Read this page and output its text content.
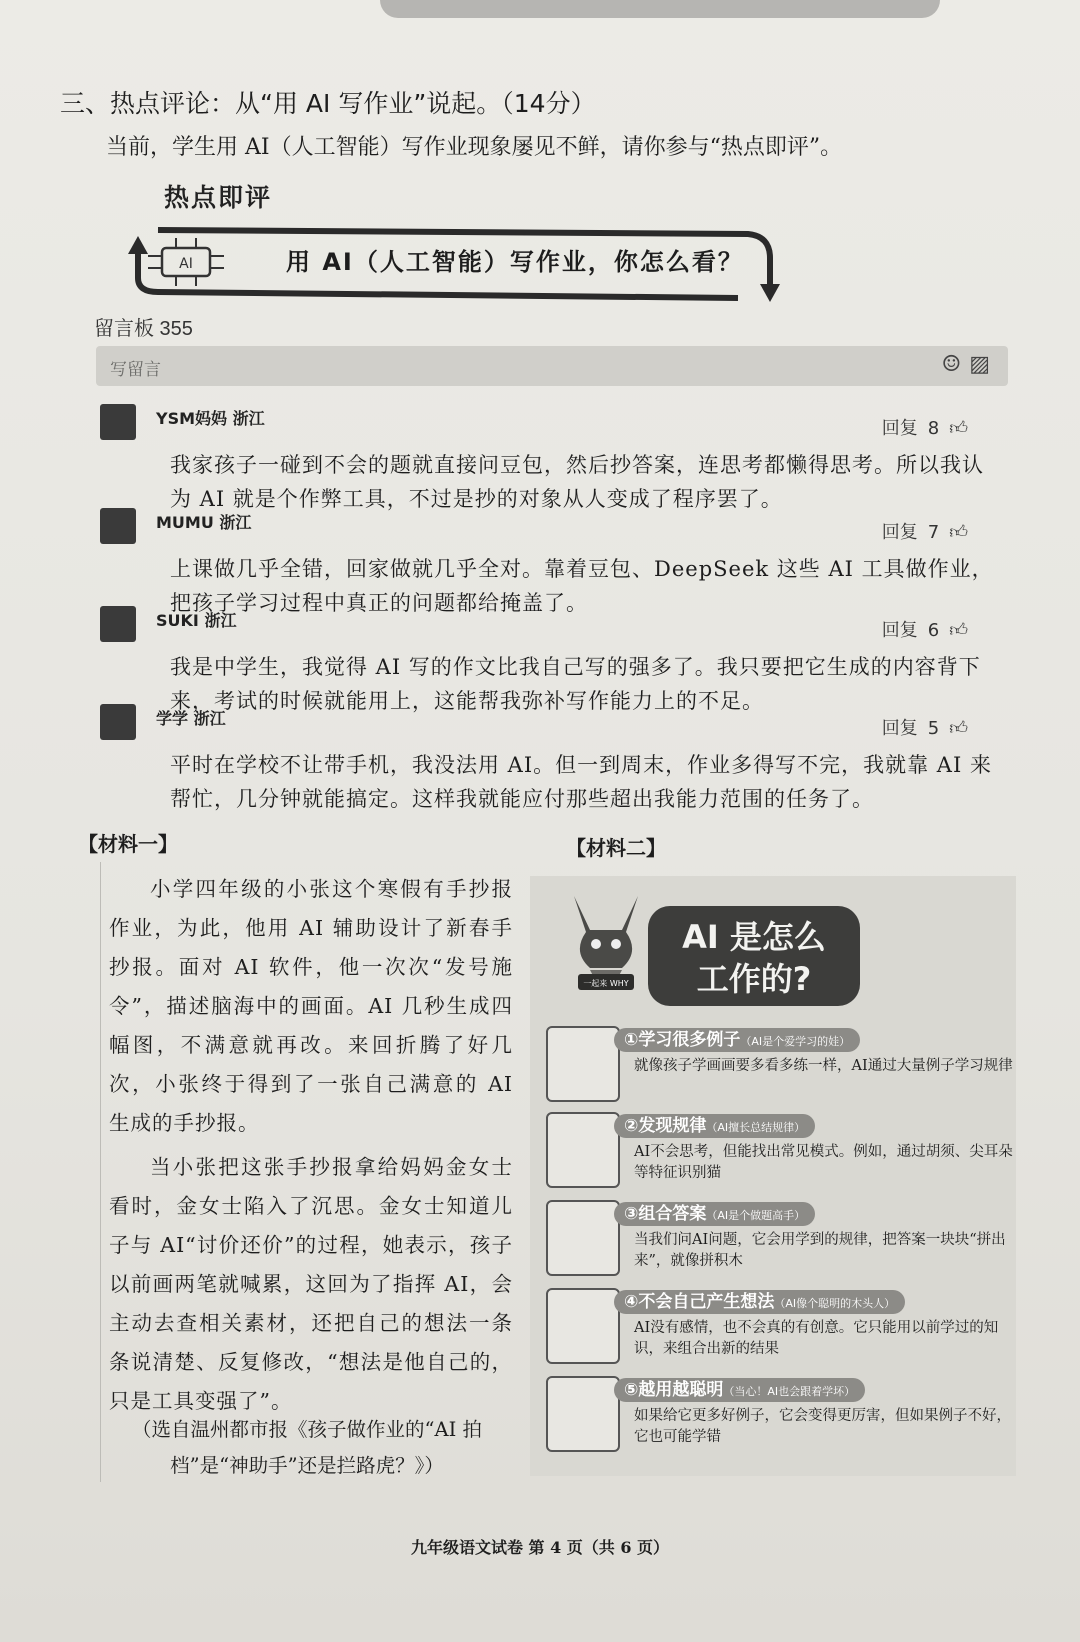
三、热点评论：从“用 AI 写作业”说起。（14分）
当前，学生用 AI（人工智能）写作业现象屡见不鲜，请你参与“热点即评”。
热点即评
AI	用 AI（人工智能）写作业，你怎么看？
留言板 355
写留言	☺▨
YSM妈妈 浙江	回复 8 👍︎
我家孩子一碰到不会的题就直接问豆包，然后抄答案，连思考都懒得思考。所以我认为 AI 就是个作弊工具，不过是抄的对象从人变成了程序罢了。
MUMU 浙江	回复 7 👍︎
上课做几乎全错，回家做就几乎全对。靠着豆包、DeepSeek 这些 AI 工具做作业，把孩子学习过程中真正的问题都给掩盖了。
SUKI 浙江	回复 6 👍︎
我是中学生，我觉得 AI 写的作文比我自己写的强多了。我只要把它生成的内容背下来，考试的时候就能用上，这能帮我弥补写作能力上的不足。
学学 浙江	回复 5 👍︎
平时在学校不让带手机，我没法用 AI。但一到周末，作业多得写不完，我就靠 AI 来帮忙，几分钟就能搞定。这样我就能应付那些超出我能力范围的任务了。
【材料一】	【材料二】
小学四年级的小张这个寒假有手抄报作业，为此，他用 AI 辅助设计了新春手抄报。面对 AI 软件，他一次次“发号施令”，描述脑海中的画面。AI 几秒生成四幅图，不满意就再改。来回折腾了好几次，小张终于得到了一张自己满意的 AI 生成的手抄报。
当小张把这张手抄报拿给妈妈金女士看时，金女士陷入了沉思。金女士知道儿子与 AI“讨价还价”的过程，她表示，孩子以前画两笔就喊累，这回为了指挥 AI，会主动去查相关素材，还把自己的想法一条条说清楚、反复修改，“想法是他自己的，只是工具变强了”。
（选自温州都市报《孩子做作业的“AI 拍档”是“神助手”还是拦路虎？》）
一起来 WHY
AI 是怎么
工作的?
①学习很多例子（AI是个爱学习的娃）
就像孩子学画画要多看多练一样，AI通过大量例子学习规律
②发现规律（AI擅长总结规律）
AI不会思考，但能找出常见模式。例如，通过胡须、尖耳朵等特征识别猫
③组合答案（AI是个做题高手）
当我们问AI问题，它会用学到的规律，把答案一块块“拼出来”，就像拼积木
④不会自己产生想法（AI像个聪明的木头人）
AI没有感情，也不会真的有创意。它只能用以前学过的知识，来组合出新的结果
⑤越用越聪明（当心！AI也会跟着学坏）
如果给它更多好例子，它会变得更厉害，但如果例子不好，它也可能学错
九年级语文试卷 第 4 页（共 6 页）
